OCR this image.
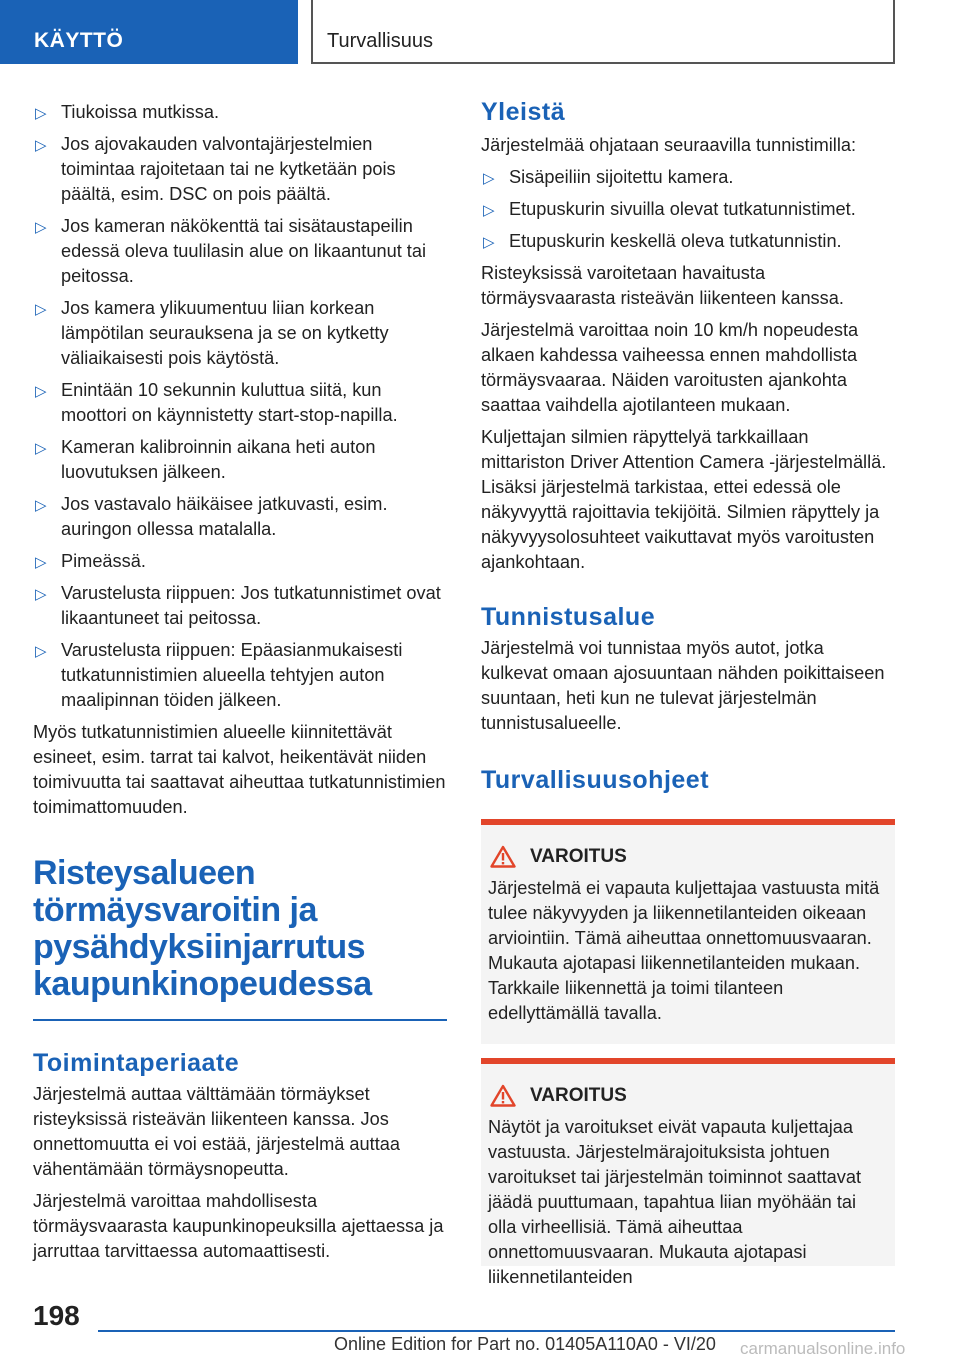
KÄYTTÖ	Turvallisuus
▷ Tiukoissa mutkissa.
▷ Jos ajovakauden valvontajärjestelmien toimintaa rajoitetaan tai ne kytketään pois päältä, esim. DSC on pois päältä.
▷ Jos kameran näkökenttä tai sisätaustapeilin edessä oleva tuulilasin alue on likaantunut tai peitossa.
▷ Jos kamera ylikuumentuu liian korkean lämpötilan seurauksena ja se on kytketty väliaikaisesti pois käytöstä.
▷ Enintään 10 sekunnin kuluttua siitä, kun moottori on käynnistetty start-stop-napilla.
▷ Kameran kalibroinnin aikana heti auton luovutuksen jälkeen.
▷ Jos vastavalo häikäisee jatkuvasti, esim. auringon ollessa matalalla.
▷ Pimeässä.
▷ Varustelusta riippuen: Jos tutkatunnistimet ovat likaantuneet tai peitossa.
▷ Varustelusta riippuen: Epäasianmukaisesti tutkatunnistimien alueella tehtyjen auton maalipinnan töiden jälkeen.

Myös tutkatunnistimien alueelle kiinnitettävät esineet, esim. tarrat tai kalvot, heikentävät niiden toimivuutta tai saattavat aiheuttaa tutkatunnistimien toimimattomuuden.

Risteysalueen törmäysvaroitin ja pysähdyksiinjarrutus kaupunkinopeudessa
Toimintaperiaate

Järjestelmä auttaa välttämään törmäykset risteyksissä risteävän liikenteen kanssa. Jos onnettomuutta ei voi estää, järjestelmä auttaa vähentämään törmäysnopeutta.

Järjestelmä varoittaa mahdollisesta törmäysvaarasta kaupunkinopeuksilla ajettaessa ja jarruttaa tarvittaessa automaattisesti.

Yleistä

Järjestelmää ohjataan seuraavilla tunnistimilla:

▷ Sisäpeiliin sijoitettu kamera.
▷ Etupuskurin sivuilla olevat tutkatunnistimet.
▷ Etupuskurin keskellä oleva tutkatunnistin.

Risteyksissä varoitetaan havaitusta törmäysvaarasta risteävän liikenteen kanssa.

Järjestelmä varoittaa noin 10 km/h nopeudesta alkaen kahdessa vaiheessa ennen mahdollista törmäysvaaraa. Näiden varoitusten ajankohta saattaa vaihdella ajotilanteen mukaan.

Kuljettajan silmien räpyttelyä tarkkaillaan mittariston Driver Attention Camera -järjestelmällä. Lisäksi järjestelmä tarkistaa, ettei edessä ole näkyvyyttä rajoittavia tekijöitä. Silmien räpyttely ja näkyvyysolosuhteet vaikuttavat myös varoitusten ajankohtaan.

Tunnistusalue

Järjestelmä voi tunnistaa myös autot, jotka kulkevat omaan ajosuuntaan nähden poikittaiseen suuntaan, heti kun ne tulevat järjestelmän tunnistusalueelle.

Turvallisuusohjeet
VAROITUS

Järjestelmä ei vapauta kuljettajaa vastuusta mitä tulee näkyvyyden ja liikennetilanteiden oikeaan arviointiin. Tämä aiheuttaa onnettomuusvaaran. Mukauta ajotapasi liikennetilanteiden mukaan. Tarkkaile liikennettä ja toimi tilanteen edellyttämällä tavalla.

VAROITUS

Näytöt ja varoitukset eivät vapauta kuljettajaa vastuusta. Järjestelmärajoituksista johtuen varoitukset tai järjestelmän toiminnot saattavat jäädä puuttumaan, tapahtua liian myöhään tai olla virheellisiä. Tämä aiheuttaa onnettomuusvaaran. Mukauta ajotapasi liikennetilanteiden

198
Online Edition for Part no. 01405A110A0 - VI/20	carmanualsonline.info
